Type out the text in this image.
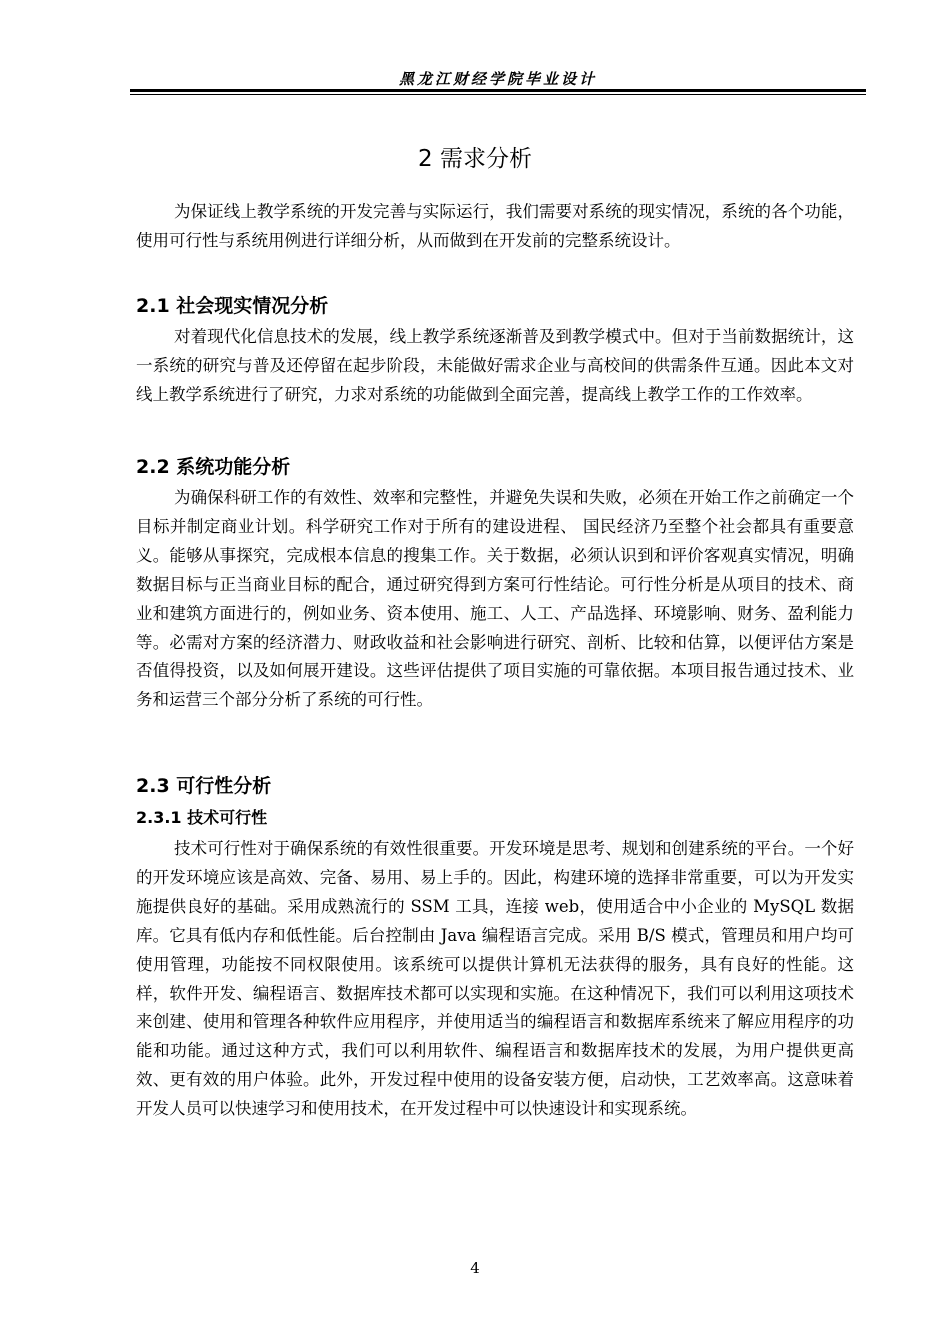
黑龙江财经学院毕业设计
2 需求分析

为保证线上教学系统的开发完善与实际运行，我们需要对系统的现实情况，系统的各个功能，使用可行性与系统用例进行详细分析，从而做到在开发前的完整系统设计。

2.1 社会现实情况分析

对着现代化信息技术的发展，线上教学系统逐渐普及到教学模式中。但对于当前数据统计，这一系统的研究与普及还停留在起步阶段，未能做好需求企业与高校间的供需条件互通。因此本文对线上教学系统进行了研究，力求对系统的功能做到全面完善，提高线上教学工作的工作效率。

2.2 系统功能分析

为确保科研工作的有效性、效率和完整性，并避免失误和失败，必须在开始工作之前确定一个目标并制定商业计划。科学研究工作对于所有的建设进程、 国民经济乃至整个社会都具有重要意义。能够从事探究，完成根本信息的搜集工作。关于数据，必须认识到和评价客观真实情况，明确数据目标与正当商业目标的配合，通过研究得到方案可行性结论。可行性分析是从项目的技术、商业和建筑方面进行的，例如业务、资本使用、施工、人工、产品选择、环境影响、财务、盈利能力等。必需对方案的经济潜力、财政收益和社会影响进行研究、剖析、比较和估算，以便评估方案是否值得投资，以及如何展开建设。这些评估提供了项目实施的可靠依据。本项目报告通过技术、业务和运营三个部分分析了系统的可行性。

2.3 可行性分析
2.3.1 技术可行性

技术可行性对于确保系统的有效性很重要。开发环境是思考、规划和创建系统的平台。一个好的开发环境应该是高效、完备、易用、易上手的。因此，构建环境的选择非常重要，可以为开发实施提供良好的基础。采用成熟流行的 SSM 工具，连接 web，使用适合中小企业的 MySQL 数据库。它具有低内存和低性能。后台控制由 Java 编程语言完成。采用 B/S 模式，管理员和用户均可使用管理，功能按不同权限使用。该系统可以提供计算机无法获得的服务，具有良好的性能。这样，软件开发、编程语言、数据库技术都可以实现和实施。在这种情况下，我们可以利用这项技术来创建、使用和管理各种软件应用程序，并使用适当的编程语言和数据库系统来了解应用程序的功能和功能。通过这种方式，我们可以利用软件、编程语言和数据库技术的发展，为用户提供更高效、更有效的用户体验。此外，开发过程中使用的设备安装方便，启动快，工艺效率高。这意味着开发人员可以快速学习和使用技术，在开发过程中可以快速设计和实现系统。

4
